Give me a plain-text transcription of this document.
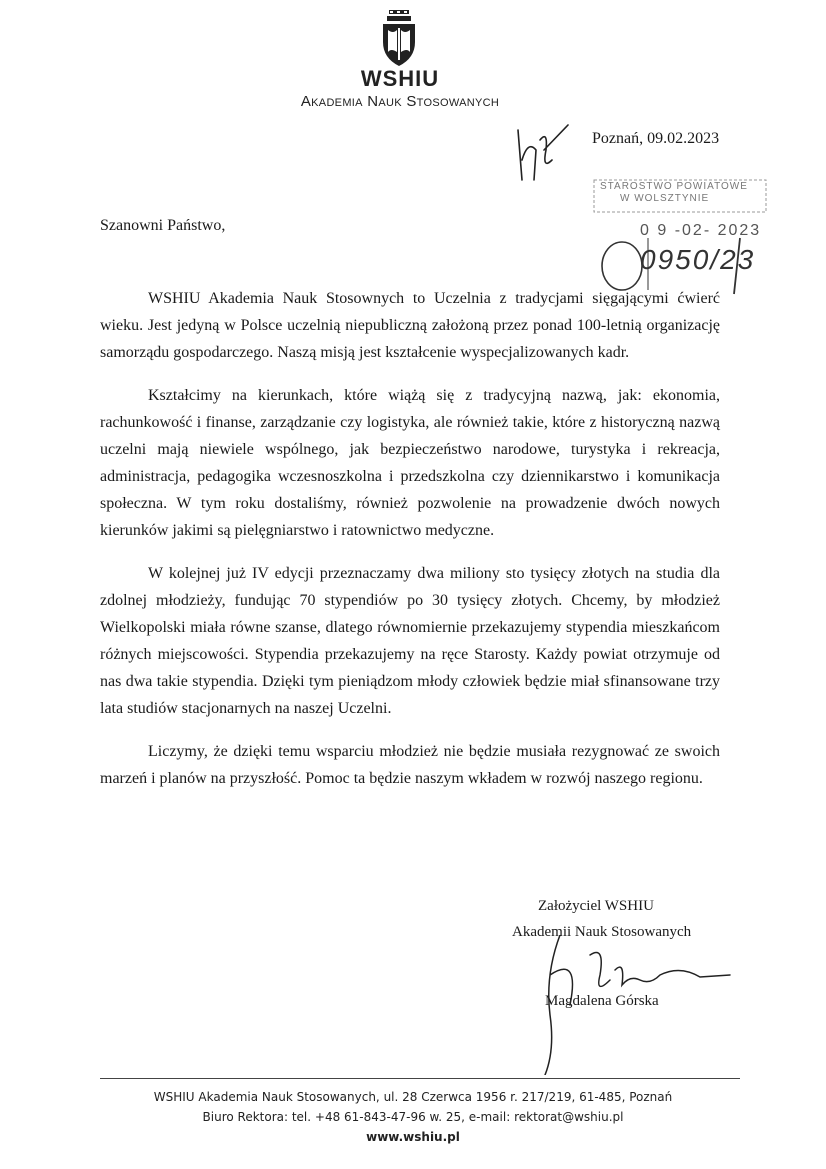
WSHIU
Akademia Nauk Stosowanych
Poznań, 09.02.2023
STAROSTWO POWIATOWE
W WOLSZTYNIE
0 9 -02- 2023
0950/23
Szanowni Państwo,

WSHIU Akademia Nauk Stosownych to Uczelnia z tradycjami sięgającymi ćwierć wieku. Jest jedyną w Polsce uczelnią niepubliczną założoną przez ponad 100-letnią organizację samorządu gospodarczego. Naszą misją jest kształcenie wyspecjalizowanych kadr.

Kształcimy na kierunkach, które wiążą się z tradycyjną nazwą, jak: ekonomia, rachunkowość i finanse, zarządzanie czy logistyka, ale również takie, które z historyczną nazwą uczelni mają niewiele wspólnego, jak bezpieczeństwo narodowe, turystyka i rekreacja, administracja, pedagogika wczesnoszkolna i przedszkolna czy dziennikarstwo i komunikacja społeczna. W tym roku dostaliśmy, również pozwolenie na prowadzenie dwóch nowych kierunków jakimi są pielęgniarstwo i ratownictwo medyczne.

W kolejnej już IV edycji przeznaczamy dwa miliony sto tysięcy złotych na studia dla zdolnej młodzieży, fundując 70 stypendiów po 30 tysięcy złotych. Chcemy, by młodzież Wielkopolski miała równe szanse, dlatego równomiernie przekazujemy stypendia mieszkańcom różnych miejscowości. Stypendia przekazujemy na ręce Starosty. Każdy powiat otrzymuje od nas dwa takie stypendia. Dzięki tym pieniądzom młody człowiek będzie miał sfinansowane trzy lata studiów stacjonarnych na naszej Uczelni.

Liczymy, że dzięki temu wsparciu młodzież nie będzie musiała rezygnować ze swoich marzeń i planów na przyszłość. Pomoc ta będzie naszym wkładem w rozwój naszego regionu.

Założyciel WSHIU
Akademii Nauk Stosowanych
Magdalena Górska
WSHIU Akademia Nauk Stosowanych, ul. 28 Czerwca 1956 r. 217/219, 61-485, Poznań
Biuro Rektora: tel. +48 61-843-47-96 w. 25, e-mail: rektorat@wshiu.pl
www.wshiu.pl
